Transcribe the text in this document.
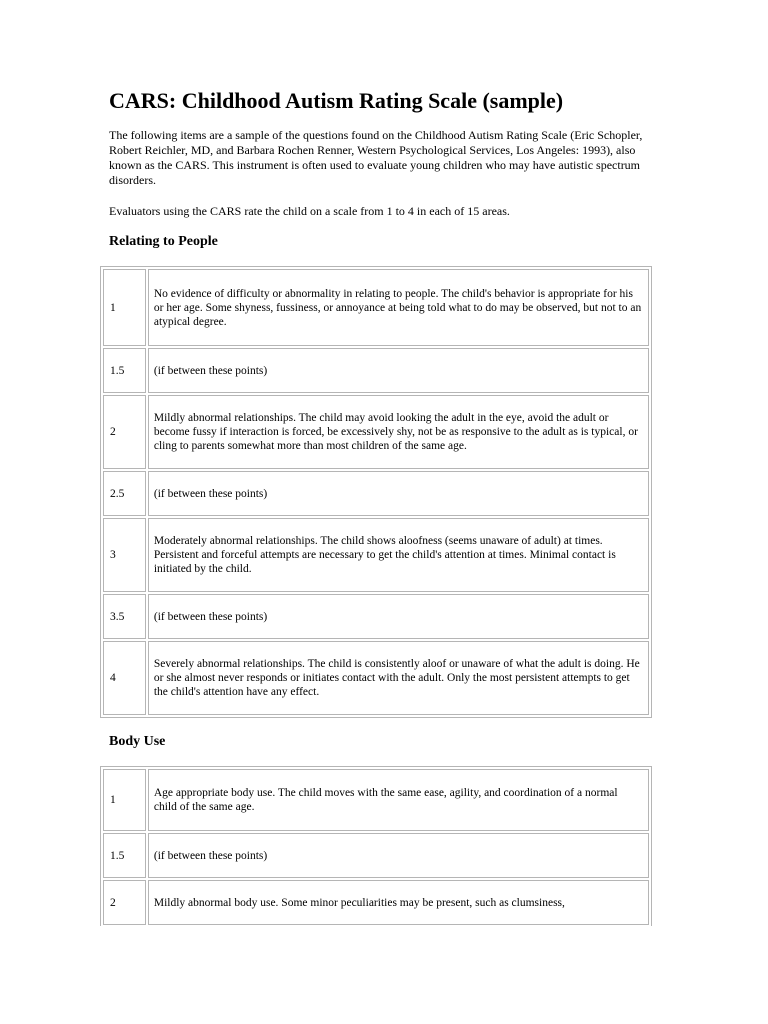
CARS: Childhood Autism Rating Scale (sample)

The following items are a sample of the questions found on the Childhood Autism Rating Scale (Eric Schopler, Robert Reichler, MD, and Barbara Rochen Renner, Western Psychological Services, Los Angeles: 1993), also known as the CARS. This instrument is often used to evaluate young children who may have autistic spectrum disorders.

Evaluators using the CARS rate the child on a scale from 1 to 4 in each of 15 areas.

Relating to People
1	No evidence of difficulty or abnormality in relating to people. The child's behavior is appropriate for his or her age. Some shyness, fussiness, or annoyance at being told what to do may be observed, but not to an atypical degree.
1.5	(if between these points)
2	Mildly abnormal relationships. The child may avoid looking the adult in the eye, avoid the adult or become fussy if interaction is forced, be excessively shy, not be as responsive to the adult as is typical, or cling to parents somewhat more than most children of the same age.
2.5	(if between these points)
3	Moderately abnormal relationships. The child shows aloofness (seems unaware of adult) at times. Persistent and forceful attempts are necessary to get the child's attention at times. Minimal contact is initiated by the child.
3.5	(if between these points)
4	Severely abnormal relationships. The child is consistently aloof or unaware of what the adult is doing. He or she almost never responds or initiates contact with the adult. Only the most persistent attempts to get the child's attention have any effect.
Body Use
1	Age appropriate body use. The child moves with the same ease, agility, and coordination of a normal child of the same age.
1.5	(if between these points)
2	Mildly abnormal body use. Some minor peculiarities may be present, such as clumsiness,
